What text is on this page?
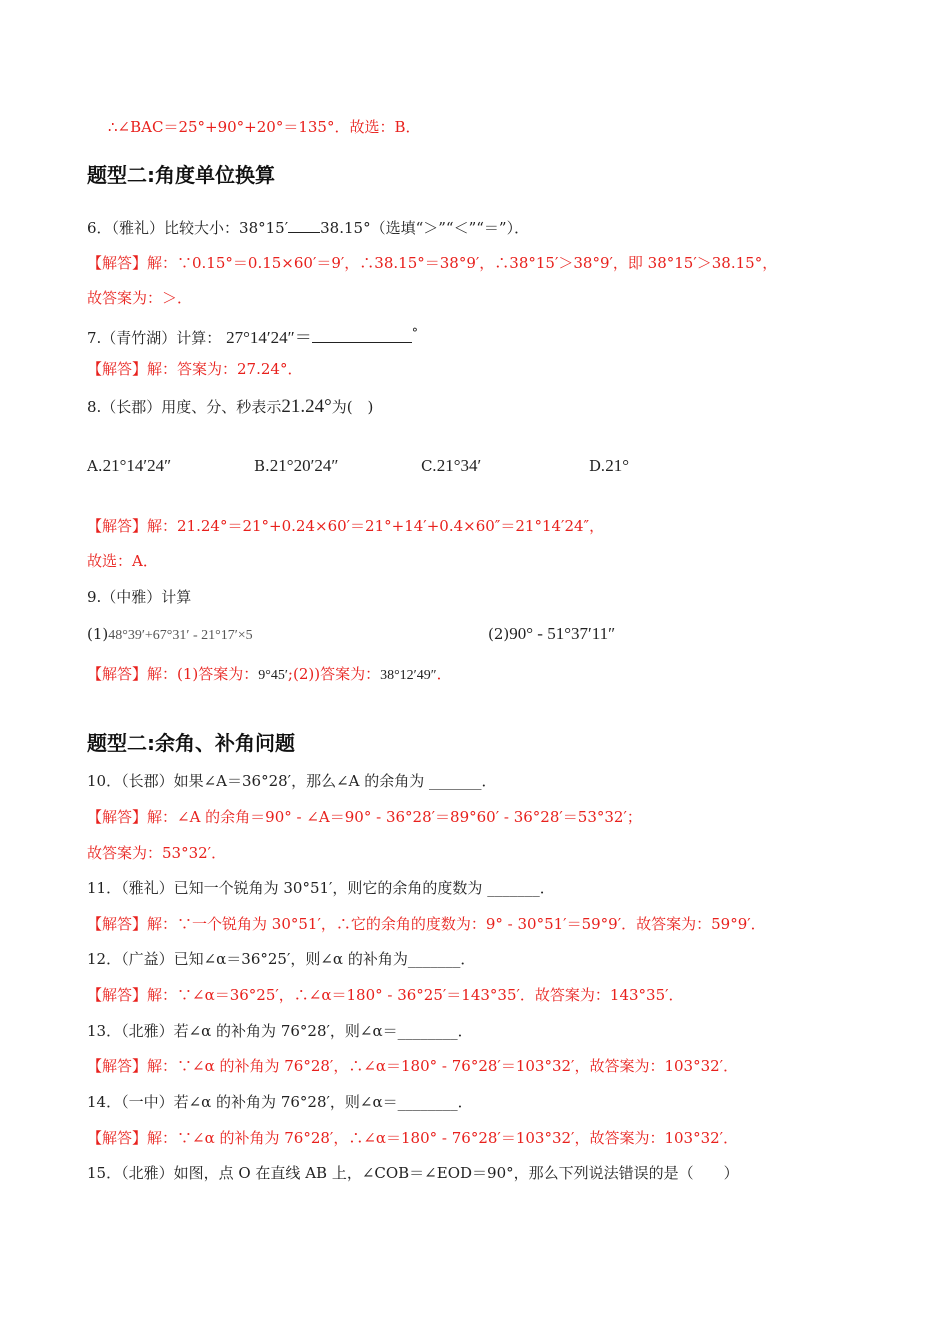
∴∠BAC＝25°+90°+20°＝135°．故选：B．
题型二:角度单位换算
6．（雅礼）比较大小：38°15′ 38.15°（选填“＞”“＜”“＝”）．
【解答】解：∵0.15°＝0.15×60′＝9′，∴38.15°＝38°9′，∴38°15′＞38°9′，即 38°15′＞38.15°，
故答案为：＞．
7.（青竹湖）计算： 27°14′24″＝	°
【解答】解：答案为：27.24°．
8.（长郡）用度、分、秒表示21.24°为(　)
A.21°14′24″	B.21°20′24″	C.21°34′	D.21°
【解答】解：21.24°＝21°+0.24×60′＝21°+14′+0.4×60″＝21°14′24″，
故选：A．
9.（中雅）计算
(1)48°39′+67°31′ - 21°17′×5	(2)90° - 51°37′11″
【解答】解：(1)答案为：9°45′;(2))答案为：38°12′49″．
题型二:余角、补角问题
10．（长郡）如果∠A＝36°28′，那么∠A 的余角为 _______．
【解答】解：∠A 的余角＝90° - ∠A＝90° - 36°28′＝89°60′ - 36°28′＝53°32′；
故答案为：53°32′．
11．（雅礼）已知一个锐角为 30°51′，则它的余角的度数为 _______．
【解答】解：∵一个锐角为 30°51′，∴它的余角的度数为：9° - 30°51′＝59°9′．故答案为：59°9′．
12．（广益）已知∠α＝36°25′，则∠α 的补角为_______．
【解答】解：∵∠α＝36°25′，∴∠α＝180° - 36°25′＝143°35′．故答案为：143°35′．
13．（北雅）若∠α 的补角为 76°28′，则∠α＝________．
【解答】解：∵∠α 的补角为 76°28′，∴∠α＝180° - 76°28′＝103°32′，故答案为：103°32′．
14．（一中）若∠α 的补角为 76°28′，则∠α＝________．
【解答】解：∵∠α 的补角为 76°28′，∴∠α＝180° - 76°28′＝103°32′，故答案为：103°32′．
15．（北雅）如图，点 O 在直线 AB 上，∠COB＝∠EOD＝90°，那么下列说法错误的是（　　）
